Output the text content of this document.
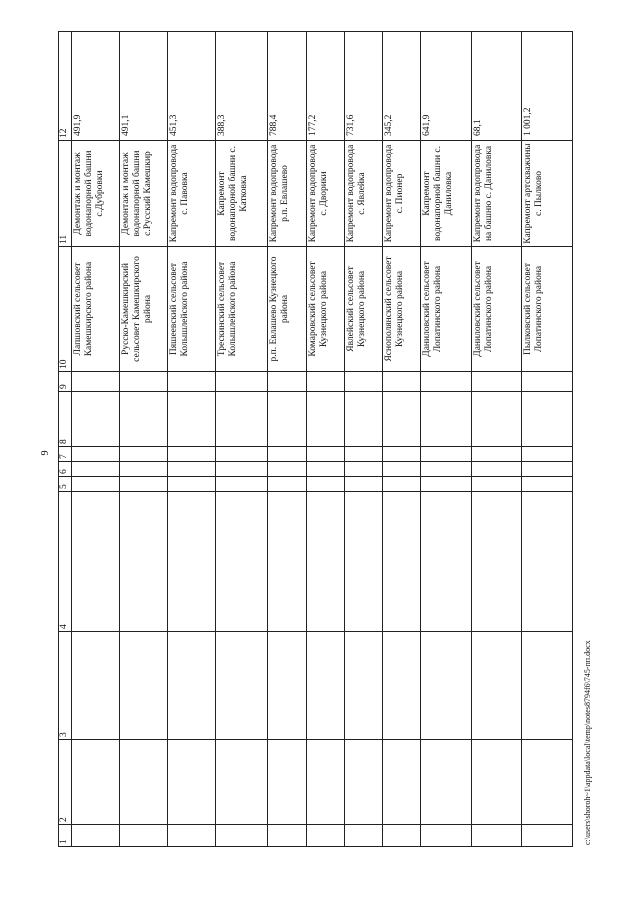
9
1	2	3	4	5	6	7	8	9	10	11	12
									Лапшовский сельсовет Камешкирского района	Демонтаж и монтаж водонапорной башни с.Дубровки	491,9
									Русско-Камешкирский сельсовет Камешкирского района	Демонтаж и монтаж водонапорной башни с.Русский Камешкир	491,1
									Пяшеевский сельсовет Колышлейского района	Капремонт водопровода с. Павовка	451,3
									Трескинский сельсовет Колышлейского района	Капремонт водонапорной башни с. Катковка	388,3
									р.п. Евлашево Кузнецкого района	Капремонт водопровода р.п. Евлашево	788,4
									Комаровский сельсовет Кузнецкого района	Капремонт водопровода с. Дворики	177,2
									Явлейский сельсовет Кузнецкого района	Капремонт водопровода с. Явлейка	731,6
									Яснополянский сельсовет Кузнецкого района	Капремонт водопровода с. Пионер	345,2
									Даниловский сельсовет Лопатинского района	Капремонт водонапорной башни с. Даниловка	641,9
									Даниловский сельсовет Лопатинского района	Капремонт водопровода на башню с. Даниловка	68,1
									Пылковский сельсовет Лопатинского района	Капремонт артскважины с. Пылково	1 001,2
c:\users\shoroh~1\appdata\local\temp\notes8794f6\745-пп.docx
